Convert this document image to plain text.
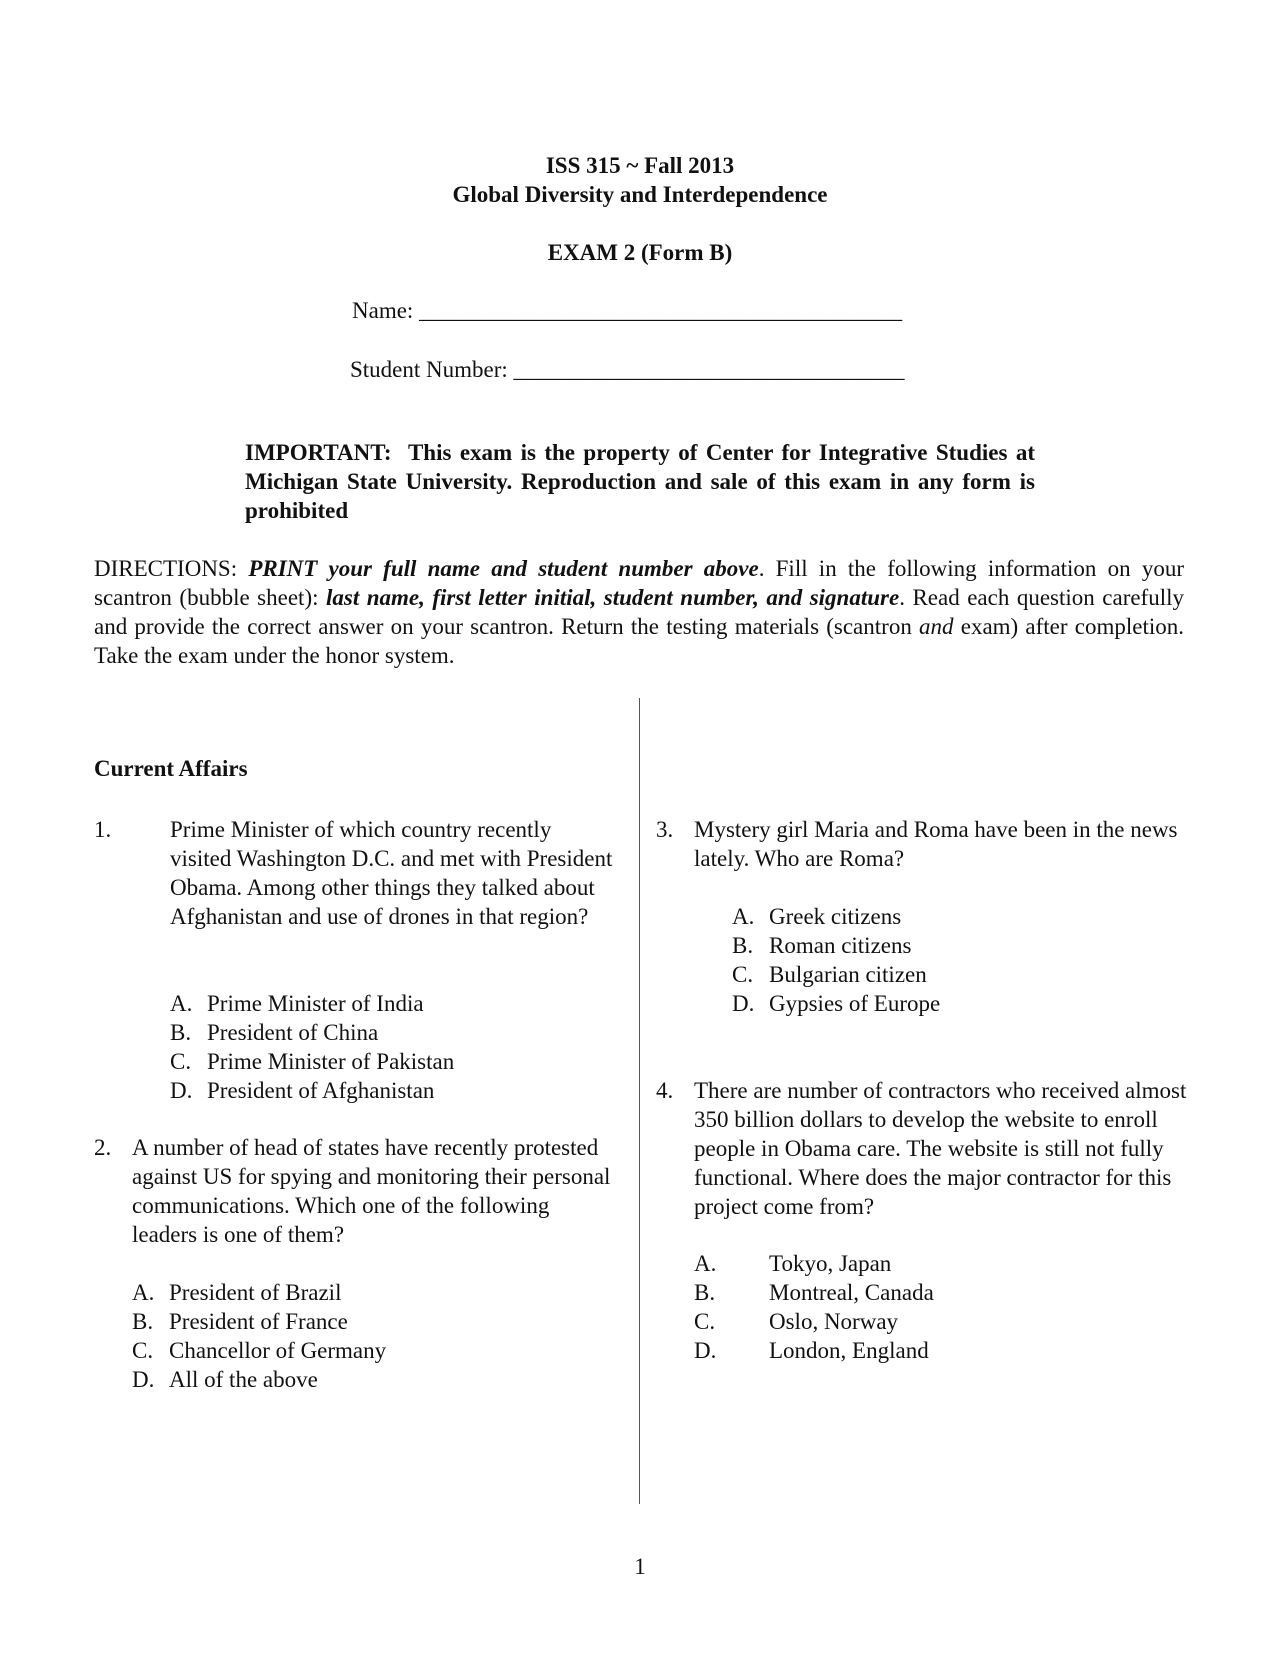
ISS 315 ~ Fall 2013
Global Diversity and Interdependence
EXAM 2 (Form B)
Name: __________________________________________
Student Number: __________________________________
IMPORTANT: This exam is the property of Center for Integrative Studies at Michigan State University. Reproduction and sale of this exam in any form is prohibited
DIRECTIONS: PRINT your full name and student number above. Fill in the following information on your scantron (bubble sheet): last name, first letter initial, student number, and signature. Read each question carefully and provide the correct answer on your scantron. Return the testing materials (scantron and exam) after completion. Take the exam under the honor system.
Current Affairs
1.	Prime Minister of which country recently visited Washington D.C. and met with President Obama. Among other things they talked about Afghanistan and use of drones in that region?
A. Prime Minister of India
B. President of China
C. Prime Minister of Pakistan
D. President of Afghanistan
2. A number of head of states have recently protested against US for spying and monitoring their personal communications. Which one of the following leaders is one of them?
A. President of Brazil
B. President of France
C. Chancellor of Germany
D. All of the above
3. Mystery girl Maria and Roma have been in the news lately. Who are Roma?
A. Greek citizens
B. Roman citizens
C. Bulgarian citizen
D. Gypsies of Europe
4. There are number of contractors who received almost 350 billion dollars to develop the website to enroll people in Obama care. The website is still not fully functional. Where does the major contractor for this project come from?
A. Tokyo, Japan
B. Montreal, Canada
C. Oslo, Norway
D. London, England
1
